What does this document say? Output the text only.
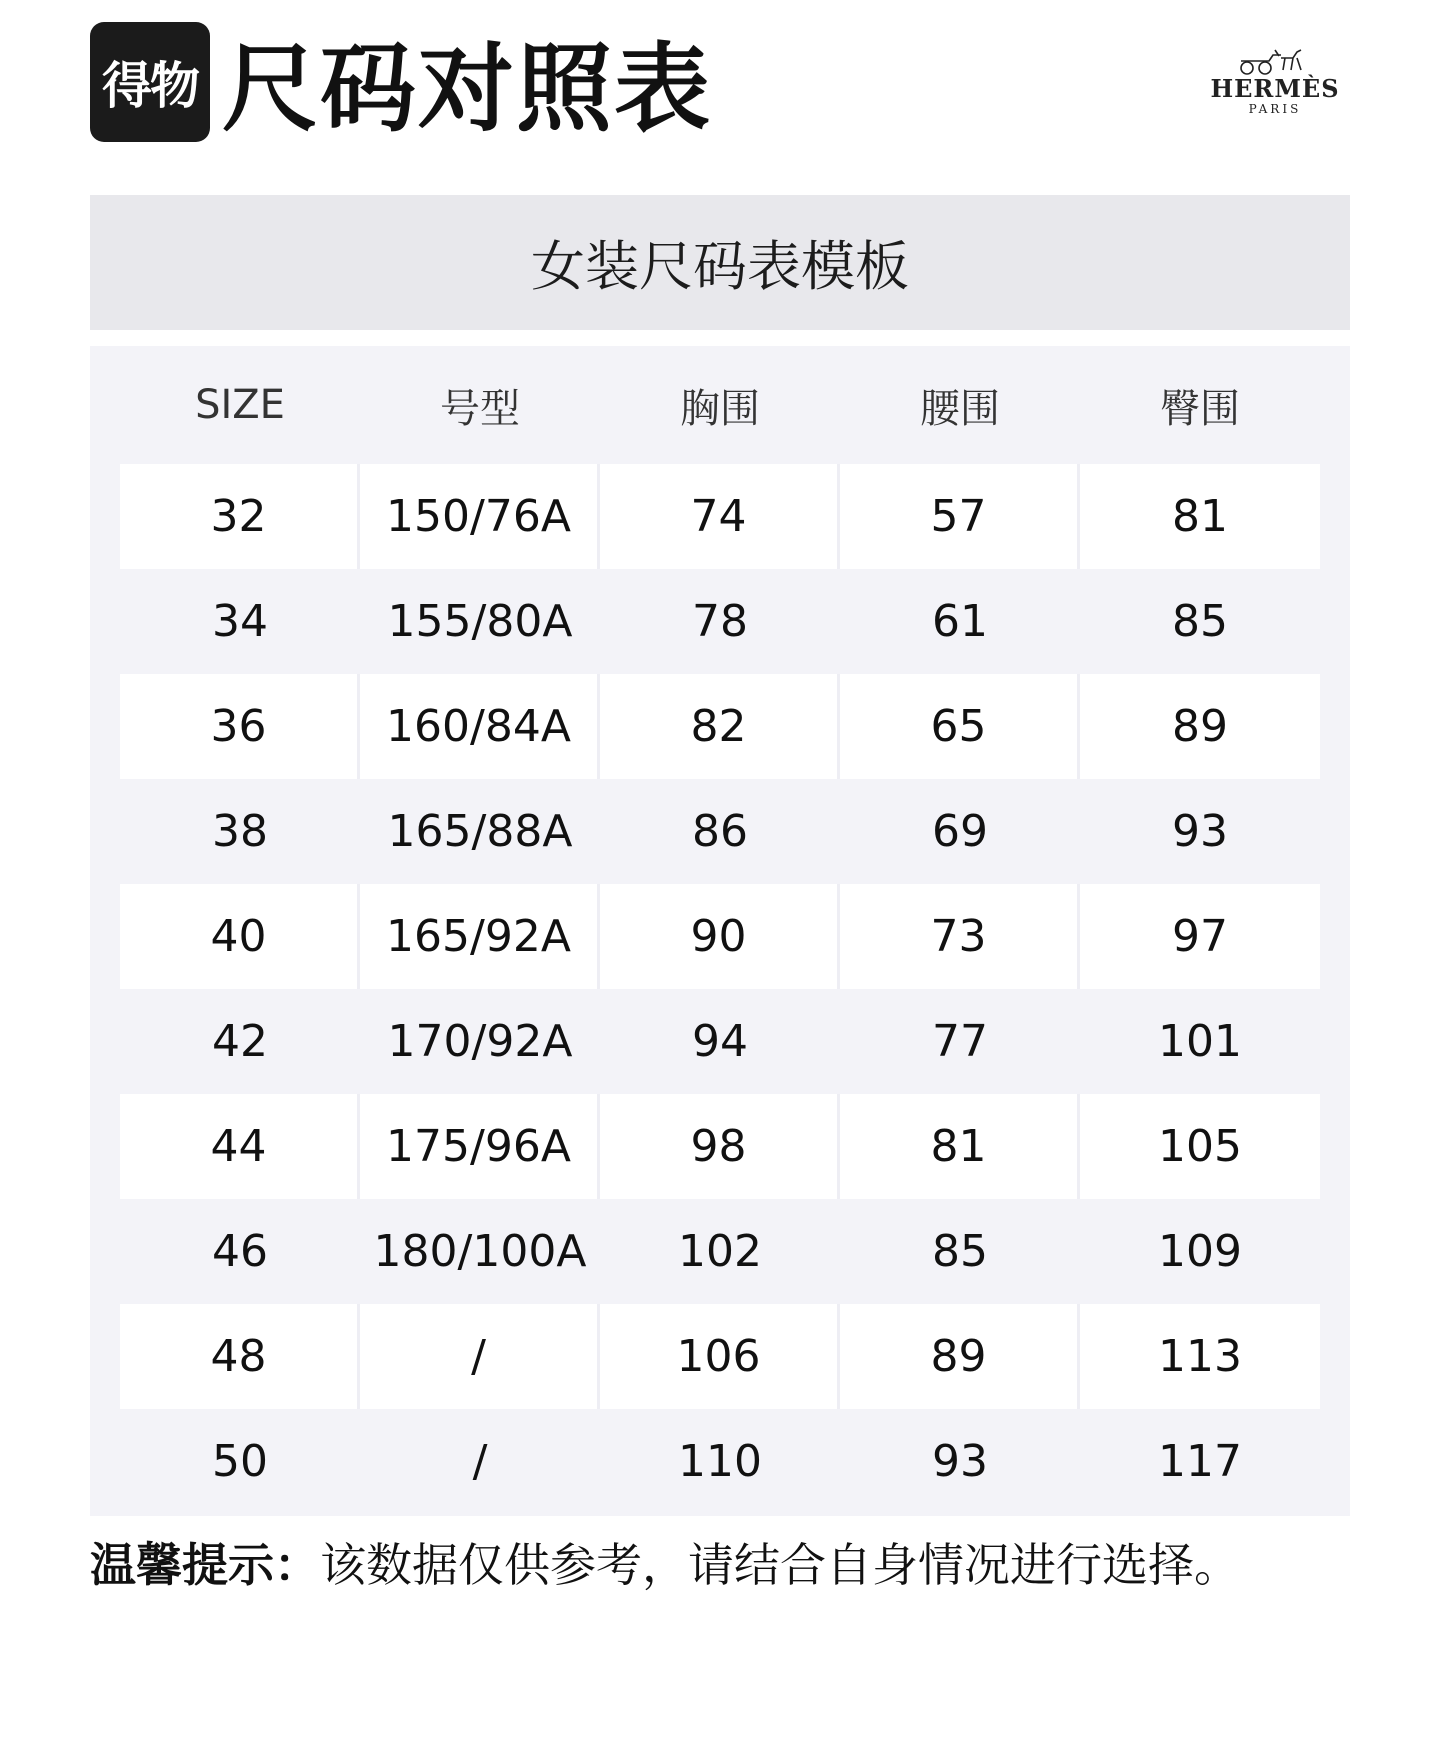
得物 尺码对照表	HERMÈS
PARIS
女装尺码表模板
SIZE	号型	胸围	腰围	臀围
32	150/76A	74	57	81
34	155/80A	78	61	85
36	160/84A	82	65	89
38	165/88A	86	69	93
40	165/92A	90	73	97
42	170/92A	94	77	101
44	175/96A	98	81	105
46	180/100A	102	85	109
48	/	106	89	113
50	/	110	93	117
温馨提示：该数据仅供参考，请结合自身情况进行选择。
